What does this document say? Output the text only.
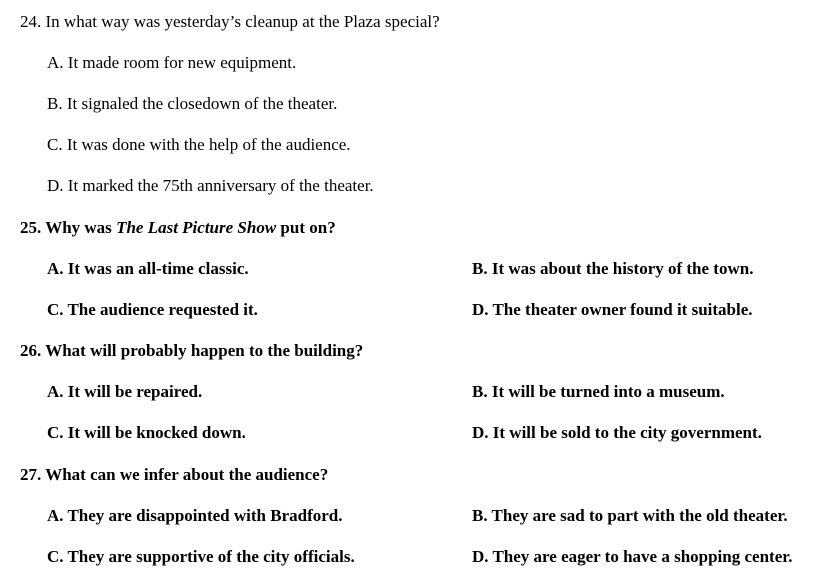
24. In what way was yesterday’s cleanup at the Plaza special?
A. It made room for new equipment.
B. It signaled the closedown of the theater.
C. It was done with the help of the audience.
D. It marked the 75th anniversary of the theater.
25. Why was The Last Picture Show put on?
A. It was an all-time classic.	B. It was about the history of the town.
C. The audience requested it.	D. The theater owner found it suitable.
26. What will probably happen to the building?
A. It will be repaired.	B. It will be turned into a museum.
C. It will be knocked down.	D. It will be sold to the city government.
27. What can we infer about the audience?
A. They are disappointed with Bradford.	B. They are sad to part with the old theater.
C. They are supportive of the city officials.	D. They are eager to have a shopping center.
